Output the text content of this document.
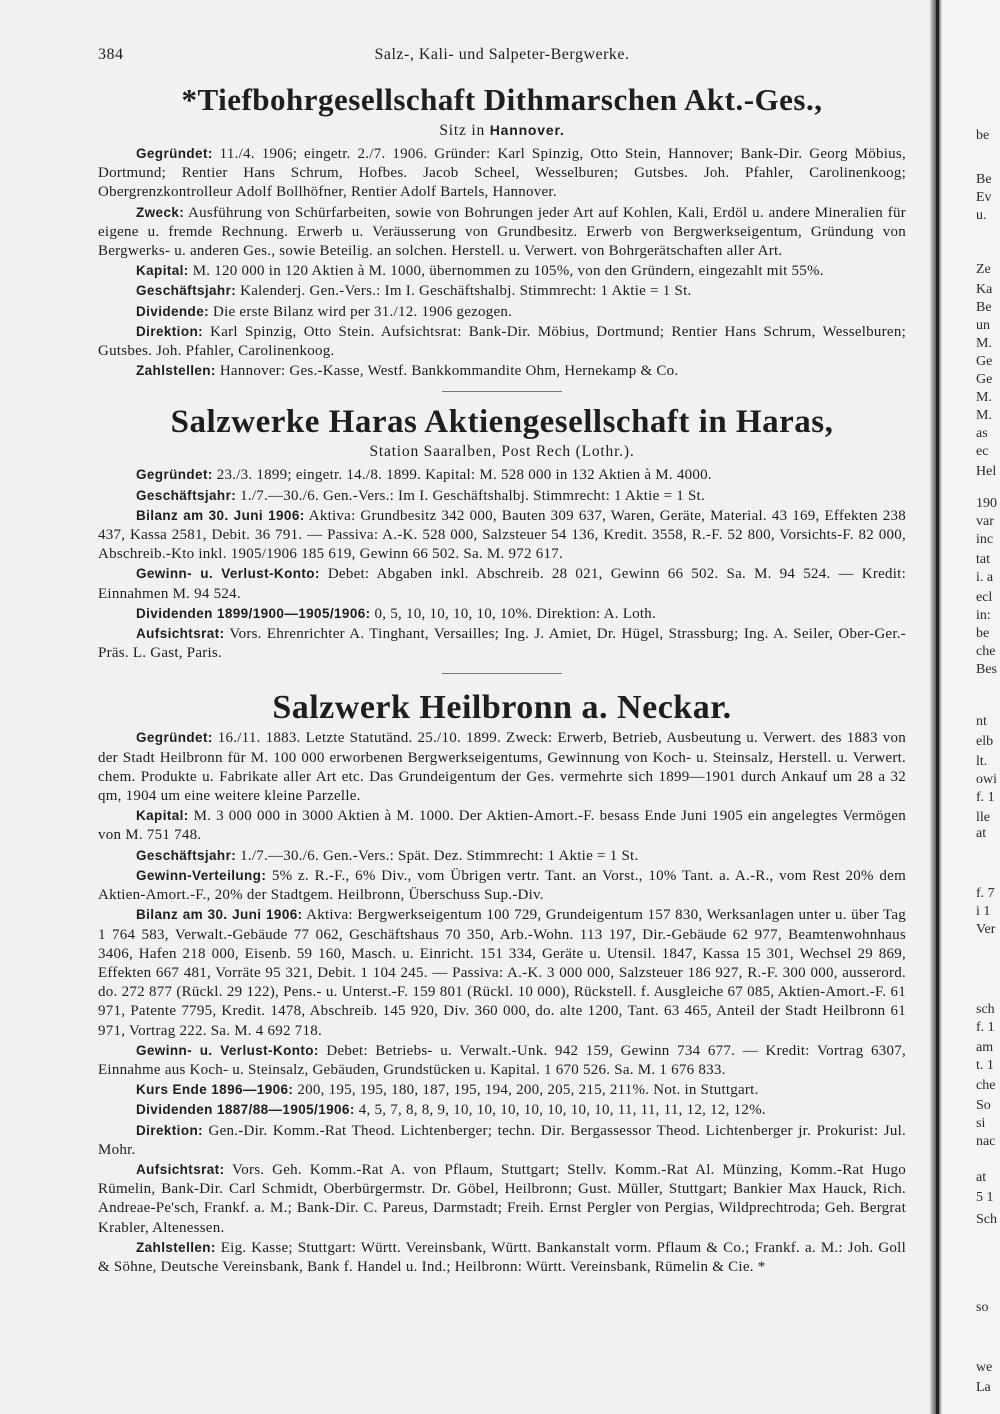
384	Salz-, Kali- und Salpeter-Bergwerke.
*Tiefbohrgesellschaft Dithmarschen Akt.-Ges.,

Sitz in Hannover.

Gegründet: 11./4. 1906; eingetr. 2./7. 1906. Gründer: Karl Spinzig, Otto Stein, Hannover; Bank-Dir. Georg Möbius, Dortmund; Rentier Hans Schrum, Hofbes. Jacob Scheel, Wesselburen; Gutsbes. Joh. Pfahler, Carolinenkoog; Obergrenzkontrolleur Adolf Bollhöfner, Rentier Adolf Bartels, Hannover.

Zweck: Ausführung von Schürfarbeiten, sowie von Bohrungen jeder Art auf Kohlen, Kali, Erdöl u. andere Mineralien für eigene u. fremde Rechnung. Erwerb u. Veräusserung von Grundbesitz. Erwerb von Bergwerkseigentum, Gründung von Bergwerks- u. anderen Ges., sowie Beteilig. an solchen. Herstell. u. Verwert. von Bohrgerätschaften aller Art.

Kapital: M. 120 000 in 120 Aktien à M. 1000, übernommen zu 105%, von den Gründern, eingezahlt mit 55%.

Geschäftsjahr: Kalenderj. Gen.-Vers.: Im I. Geschäftshalbj. Stimmrecht: 1 Aktie = 1 St.

Dividende: Die erste Bilanz wird per 31./12. 1906 gezogen.

Direktion: Karl Spinzig, Otto Stein. Aufsichtsrat: Bank-Dir. Möbius, Dortmund; Rentier Hans Schrum, Wesselburen; Gutsbes. Joh. Pfahler, Carolinenkoog.

Zahlstellen: Hannover: Ges.-Kasse, Westf. Bankkommandite Ohm, Hernekamp & Co.

Salzwerke Haras Aktiengesellschaft in Haras,

Station Saaralben, Post Rech (Lothr.).

Gegründet: 23./3. 1899; eingetr. 14./8. 1899. Kapital: M. 528 000 in 132 Aktien à M. 4000.

Geschäftsjahr: 1./7.—30./6. Gen.-Vers.: Im I. Geschäftshalbj. Stimmrecht: 1 Aktie = 1 St.

Bilanz am 30. Juni 1906: Aktiva: Grundbesitz 342 000, Bauten 309 637, Waren, Geräte, Material. 43 169, Effekten 238 437, Kassa 2581, Debit. 36 791. — Passiva: A.-K. 528 000, Salzsteuer 54 136, Kredit. 3558, R.-F. 52 800, Vorsichts-F. 82 000, Abschreib.-Kto inkl. 1905/1906 185 619, Gewinn 66 502. Sa. M. 972 617.

Gewinn- u. Verlust-Konto: Debet: Abgaben inkl. Abschreib. 28 021, Gewinn 66 502. Sa. M. 94 524. — Kredit: Einnahmen M. 94 524.

Dividenden 1899/1900—1905/1906: 0, 5, 10, 10, 10, 10, 10%. Direktion: A. Loth.

Aufsichtsrat: Vors. Ehrenrichter A. Tinghant, Versailles; Ing. J. Amiet, Dr. Hügel, Strassburg; Ing. A. Seiler, Ober-Ger.-Präs. L. Gast, Paris.

Salzwerk Heilbronn a. Neckar.

Gegründet: 16./11. 1883. Letzte Statutänd. 25./10. 1899. Zweck: Erwerb, Betrieb, Ausbeutung u. Verwert. des 1883 von der Stadt Heilbronn für M. 100 000 erworbenen Bergwerkseigentums, Gewinnung von Koch- u. Steinsalz, Herstell. u. Verwert. chem. Produkte u. Fabrikate aller Art etc. Das Grundeigentum der Ges. vermehrte sich 1899—1901 durch Ankauf um 28 a 32 qm, 1904 um eine weitere kleine Parzelle.

Kapital: M. 3 000 000 in 3000 Aktien à M. 1000. Der Aktien-Amort.-F. besass Ende Juni 1905 ein angelegtes Vermögen von M. 751 748.

Geschäftsjahr: 1./7.—30./6. Gen.-Vers.: Spät. Dez. Stimmrecht: 1 Aktie = 1 St.

Gewinn-Verteilung: 5% z. R.-F., 6% Div., vom Übrigen vertr. Tant. an Vorst., 10% Tant. a. A.-R., vom Rest 20% dem Aktien-Amort.-F., 20% der Stadtgem. Heilbronn, Überschuss Sup.-Div.

Bilanz am 30. Juni 1906: Aktiva: Bergwerkseigentum 100 729, Grundeigentum 157 830, Werksanlagen unter u. über Tag 1 764 583, Verwalt.-Gebäude 77 062, Geschäftshaus 70 350, Arb.-Wohn. 113 197, Dir.-Gebäude 62 977, Beamtenwohnhaus 3406, Hafen 218 000, Eisenb. 59 160, Masch. u. Einricht. 151 334, Geräte u. Utensil. 1847, Kassa 15 301, Wechsel 29 869, Effekten 667 481, Vorräte 95 321, Debit. 1 104 245. — Passiva: A.-K. 3 000 000, Salzsteuer 186 927, R.-F. 300 000, ausserord. do. 272 877 (Rückl. 29 122), Pens.- u. Unterst.-F. 159 801 (Rückl. 10 000), Rückstell. f. Ausgleiche 67 085, Aktien-Amort.-F. 61 971, Patente 7795, Kredit. 1478, Abschreib. 145 920, Div. 360 000, do. alte 1200, Tant. 63 465, Anteil der Stadt Heilbronn 61 971, Vortrag 222. Sa. M. 4 692 718.

Gewinn- u. Verlust-Konto: Debet: Betriebs- u. Verwalt.-Unk. 942 159, Gewinn 734 677. — Kredit: Vortrag 6307, Einnahme aus Koch- u. Steinsalz, Gebäuden, Grundstücken u. Kapital. 1 670 526. Sa. M. 1 676 833.

Kurs Ende 1896—1906: 200, 195, 195, 180, 187, 195, 194, 200, 205, 215, 211%. Not. in Stuttgart.

Dividenden 1887/88—1905/1906: 4, 5, 7, 8, 8, 9, 10, 10, 10, 10, 10, 10, 10, 11, 11, 11, 12, 12, 12%.

Direktion: Gen.-Dir. Komm.-Rat Theod. Lichtenberger; techn. Dir. Bergassessor Theod. Lichtenberger jr. Prokurist: Jul. Mohr.

Aufsichtsrat: Vors. Geh. Komm.-Rat A. von Pflaum, Stuttgart; Stellv. Komm.-Rat Al. Münzing, Komm.-Rat Hugo Rümelin, Bank-Dir. Carl Schmidt, Oberbürgermstr. Dr. Göbel, Heilbronn; Gust. Müller, Stuttgart; Bankier Max Hauck, Rich. Andreae-Pe'sch, Frankf. a. M.; Bank-Dir. C. Pareus, Darmstadt; Freih. Ernst Pergler von Pergias, Wildprechtroda; Geh. Bergrat Krabler, Altenessen.

Zahlstellen: Eig. Kasse; Stuttgart: Württ. Vereinsbank, Württ. Bankanstalt vorm. Pflaum & Co.; Frankf. a. M.: Joh. Goll & Söhne, Deutsche Vereinsbank, Bank f. Handel u. Ind.; Heilbronn: Württ. Vereinsbank, Rümelin & Cie. *

be
Be
Ev
u.
Ze
Ka
Be
un
M.
Ge
Ge
M.
M.
as
ec
Hel
190
var
inc
tat
i. a
ecl
in:
be
che
Bes
nt
elb
lt.
owi
f. 1
lle
at
f. 7
i 1
Ver
sch
f. 1
am
t. 1
che
So
si
nac
at
5 1
Sch
so
we
La
